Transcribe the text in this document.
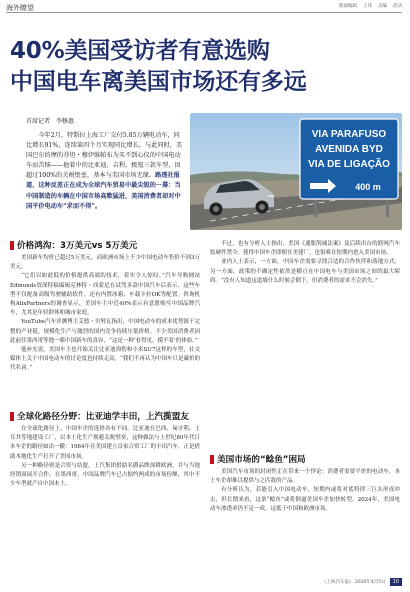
海外瞭望	版面编辑 王伟 美编 活动
40%美国受访者有意选购
中国电车离美国市场还有多远
首席记者　李修惠
　　今年2月，特斯拉上海工厂交付5.85万辆电动车，同比增长91%，连续第四个月实现同比增长。与此同时，美国巴尔的摩的芬坦・穆伊维帕布为买不到心仪的中国电动车而苦恼——他着中的比亚迪、吉利、极氪三款车型，因超过100%的关税壁垒，基本与美国市场无缘。路透社报道，这种反差正在成为全球汽车贸易中最尖锐的一幕：当中国制造的车辆在中国市场高歌猛进，美国消费者却对中国平价电动车“求而不得”。
VIA PARAFUSO
AVENIDA BYD
VIA DE LIGAÇÃO
400 m
价格鸿沟：3万美元vs 5万美元

美国新车均价已超过5万美元，而欧洲市场上不少中国电动车售价不到3万美元。

“它们以如此低的价格提供高端的技术，着实令人惊叹。”汽车导购网站Edmunds资深特稿编辑克林特・西蒙尼在试驾多款中国汽车后表示，这些车型不仅配备高级驾驶辅助软件，还有内置冰箱、车载卡拉OK等配置。咨询机构AlixPartners的调查显示，美国车主中近40%表示有意愿购买中国品牌汽车，尤其是年轻群体和城市家庭。

YouTube汽车评测博主艾德・贝努瓦指出，中国电动车的成本优势源于完整的产业链，规模化生产与激烈的国内竞争持续压低价格。不少美国消费者因此前往墨西哥等地一睹中国新车的真容，“这是一种‘看得见、摸不着’的体验。”

他补充说，美国车主也开始关注比亚迪海豹和小米SU7这样的车型，社交媒体上关于中国电动车的讨论度也持续走高，“我们不再认为中国车只是廉价的代名词。”

全球化路径分野：比亚迪学丰田，上汽揽盟友

在全球化路径上，中国车企的选择各有不同。比亚迪在巴西、匈牙利、土耳其等地建设工厂，以本土化生产规避关税壁垒，这种做法与上世纪80年代日本车企的路径如出一辙：1984年在美国建立首家合资工厂的丰田汽车，正是借助本地化生产打开了美国市场。

另一种路径则是合资与结盟，上汽集团借助名爵品牌深耕欧洲，并与当地经销商展开合作。在墨西哥，中国品牌汽车已占据约两成的市场份额，其中不少车型就产自中国本土。

不过，也有分析人士指出，美国《通胀削减法案》及后续出台的联网汽车软硬件禁令，使得中国车企即便在美建厂，也很难在短期内进入美国市场。

业内人士表示，一方面，中国车企需要寻找合适的合作伙伴和落地方式；另一方面，政策的不确定性依然是横亘在中国电车与美国市场之间的最大障碍。“没有人知道这道墙什么时候会倒下，但消费者的需求不会消失。”

美国市场的“鲶鱼”困局

美国汽车市场的封闭性正在带来一个悖论：消费者需要平价的电动车，本土车企却难以提供与之匹敌的产品。

有分析认为，若能引入中国电动车，短期内或将对底特律三巨头形成冲击，但长期来看，这条“鲶鱼”或将倒逼美国车企加快转型。2024年，美国电动车渗透率仍不足一成，远低于中国和欧洲市场。

《上海汽车报》 2026年4月5日	10
